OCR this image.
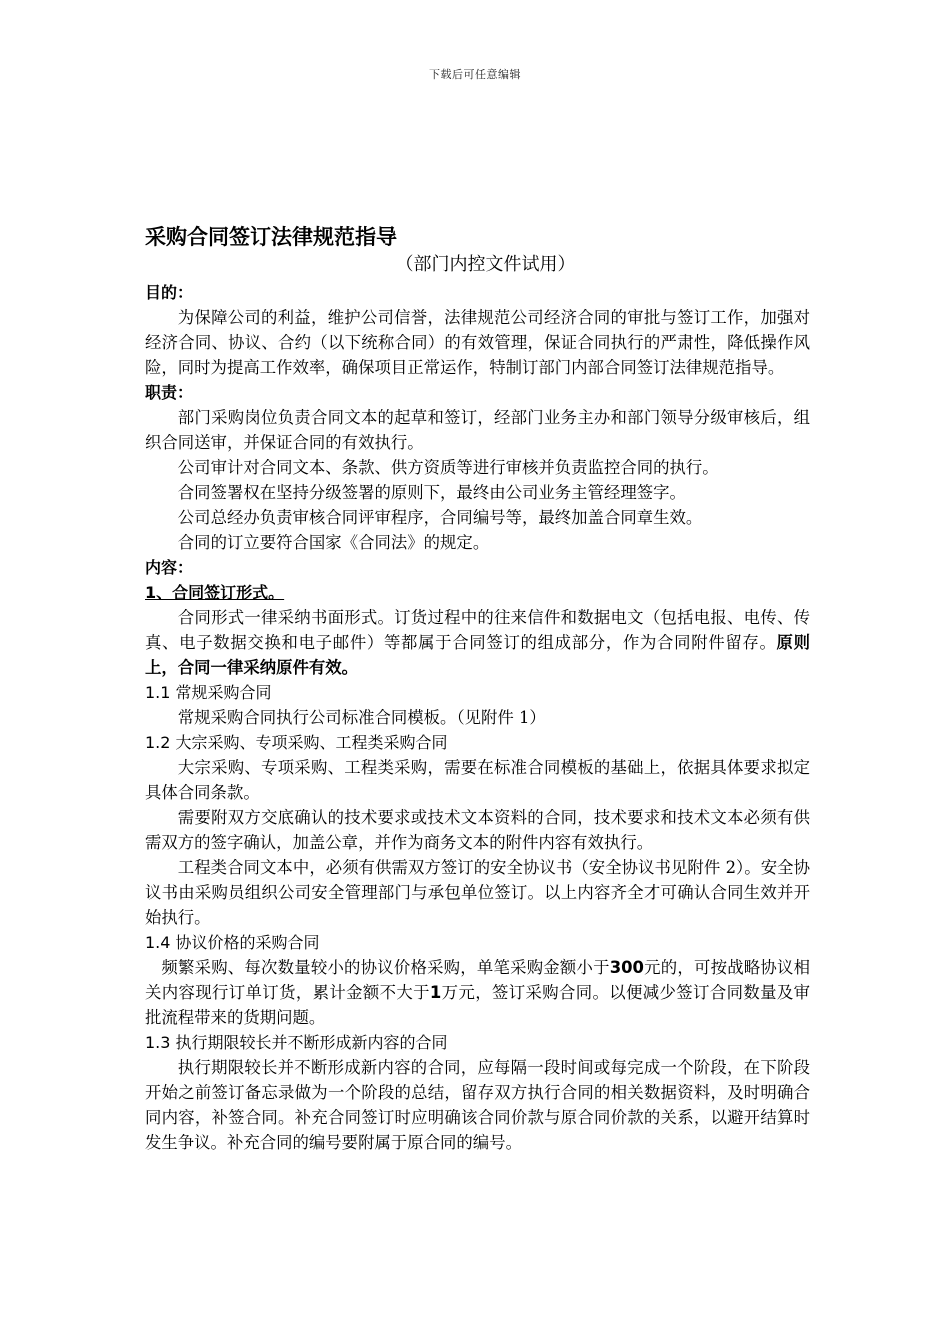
下载后可任意编辑
采购合同签订法律规范指导
（部门内控文件试用）
目的：

为保障公司的利益，维护公司信誉，法律规范公司经济合同的审批与签订工作，加强对经济合同、协议、合约（以下统称合同）的有效管理，保证合同执行的严肃性，降低操作风险，同时为提高工作效率，确保项目正常运作，特制订部门内部合同签订法律规范指导。

职责：

部门采购岗位负责合同文本的起草和签订，经部门业务主办和部门领导分级审核后，组织合同送审，并保证合同的有效执行。

公司审计对合同文本、条款、供方资质等进行审核并负责监控合同的执行。

合同签署权在坚持分级签署的原则下，最终由公司业务主管经理签字。

公司总经办负责审核合同评审程序，合同编号等，最终加盖合同章生效。

合同的订立要符合国家《合同法》的规定。

内容：
1、合同签订形式。

合同形式一律采纳书面形式。订货过程中的往来信件和数据电文（包括电报、电传、传真、电子数据交换和电子邮件）等都属于合同签订的组成部分，作为合同附件留存。原则上，合同一律采纳原件有效。

1.1 常规采购合同

常规采购合同执行公司标准合同模板。（见附件 1）

1.2 大宗采购、专项采购、工程类采购合同

大宗采购、专项采购、工程类采购，需要在标准合同模板的基础上，依据具体要求拟定具体合同条款。

需要附双方交底确认的技术要求或技术文本资料的合同，技术要求和技术文本必须有供需双方的签字确认，加盖公章，并作为商务文本的附件内容有效执行。

工程类合同文本中，必须有供需双方签订的安全协议书（安全协议书见附件 2）。安全协议书由采购员组织公司安全管理部门与承包单位签订。以上内容齐全才可确认合同生效并开始执行。

1.4 协议价格的采购合同

频繁采购、每次数量较小的协议价格采购，单笔采购金额小于300元的，可按战略协议相关内容现行订单订货，累计金额不大于1万元，签订采购合同。以便减少签订合同数量及审批流程带来的货期问题。

1.3 执行期限较长并不断形成新内容的合同

执行期限较长并不断形成新内容的合同，应每隔一段时间或每完成一个阶段，在下阶段开始之前签订备忘录做为一个阶段的总结，留存双方执行合同的相关数据资料，及时明确合同内容，补签合同。补充合同签订时应明确该合同价款与原合同价款的关系，以避开结算时发生争议。补充合同的编号要附属于原合同的编号。
